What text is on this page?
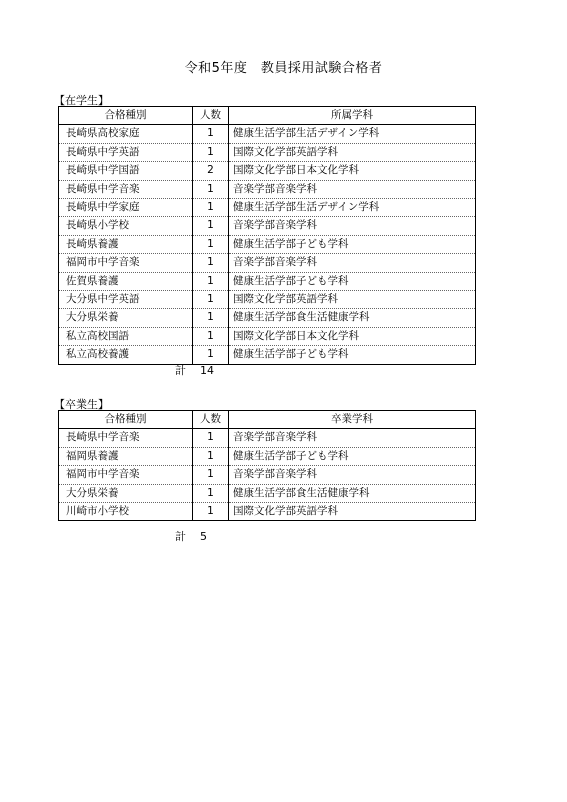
令和5年度　教員採用試験合格者
【在学生】
合格種別	人数	所属学科
長崎県高校家庭	1	健康生活学部生活デザイン学科
長崎県中学英語	1	国際文化学部英語学科
長崎県中学国語	2	国際文化学部日本文化学科
長崎県中学音楽	1	音楽学部音楽学科
長崎県中学家庭	1	健康生活学部生活デザイン学科
長崎県小学校	1	音楽学部音楽学科
長崎県養護	1	健康生活学部子ども学科
福岡市中学音楽	1	音楽学部音楽学科
佐賀県養護	1	健康生活学部子ども学科
大分県中学英語	1	国際文化学部英語学科
大分県栄養	1	健康生活学部食生活健康学科
私立高校国語	1	国際文化学部日本文化学科
私立高校養護	1	健康生活学部子ども学科
計 14
【卒業生】
合格種別	人数	卒業学科
長崎県中学音楽	1	音楽学部音楽学科
福岡県養護	1	健康生活学部子ども学科
福岡市中学音楽	1	音楽学部音楽学科
大分県栄養	1	健康生活学部食生活健康学科
川崎市小学校	1	国際文化学部英語学科
計 5
